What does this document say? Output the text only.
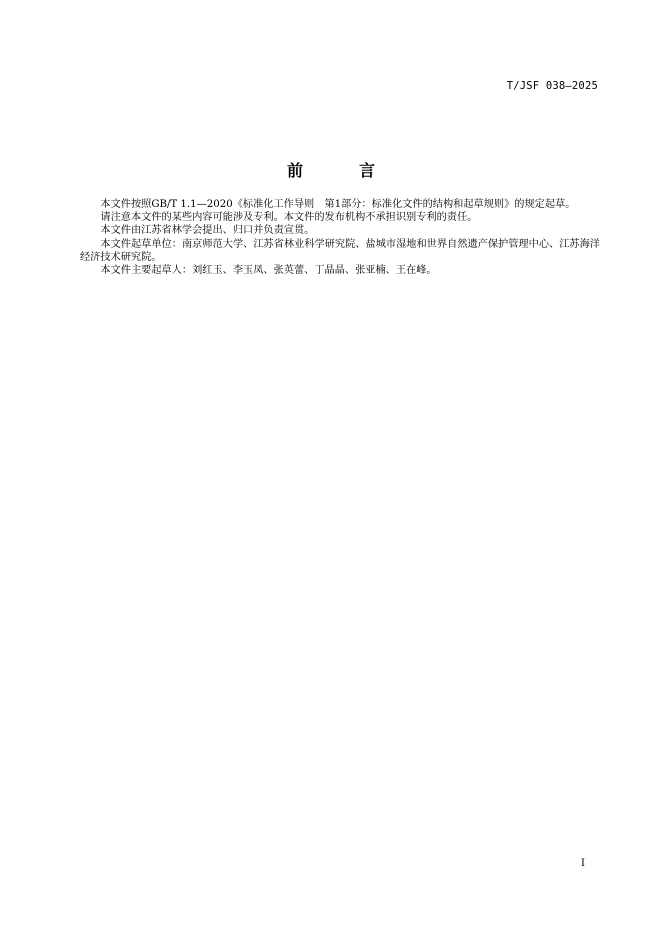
T/JSF 038—2025
前　言

本文件按照GB/T 1.1—2020《标准化工作导则　第1部分：标准化文件的结构和起草规则》的规定起草。

请注意本文件的某些内容可能涉及专利。本文件的发布机构不承担识别专利的责任。

本文件由江苏省林学会提出、归口并负责宣贯。

本文件起草单位：南京师范大学、江苏省林业科学研究院、盐城市湿地和世界自然遗产保护管理中心、江苏海洋经济技术研究院。

本文件主要起草人：刘红玉、李玉凤、张英蕾、丁晶晶、张亚楠、王在峰。

I
